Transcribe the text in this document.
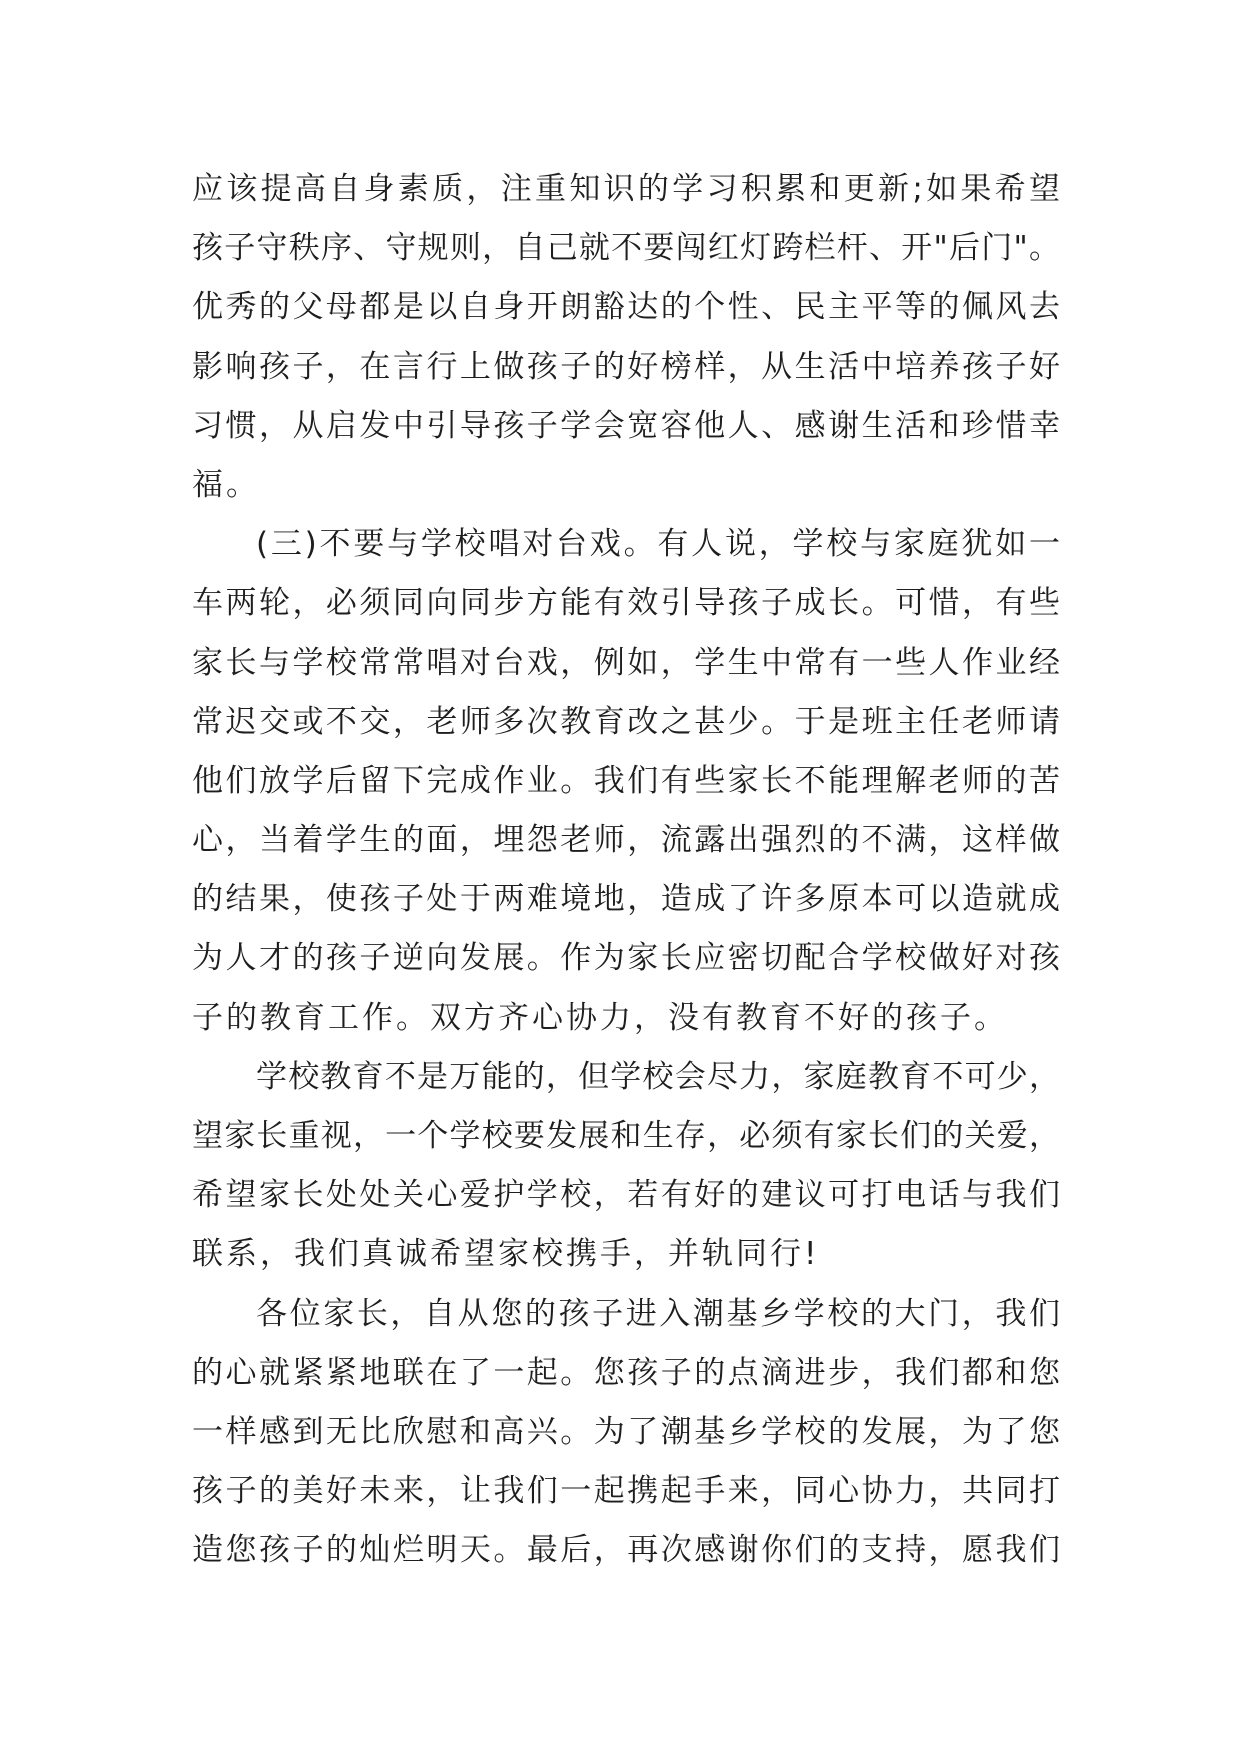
应该提高自身素质，注重知识的学习积累和更新;如果希望
孩子守秩序、守规则，自己就不要闯红灯跨栏杆、开"后门"。
优秀的父母都是以自身开朗豁达的个性、民主平等的佩风去
影响孩子，在言行上做孩子的好榜样，从生活中培养孩子好
习惯，从启发中引导孩子学会宽容他人、感谢生活和珍惜幸
福。
(三)不要与学校唱对台戏。有人说，学校与家庭犹如一
车两轮，必须同向同步方能有效引导孩子成长。可惜，有些
家长与学校常常唱对台戏，例如，学生中常有一些人作业经
常迟交或不交，老师多次教育改之甚少。于是班主任老师请
他们放学后留下完成作业。我们有些家长不能理解老师的苦
心，当着学生的面，埋怨老师，流露出强烈的不满，这样做
的结果，使孩子处于两难境地，造成了许多原本可以造就成
为人才的孩子逆向发展。作为家长应密切配合学校做好对孩
子的教育工作。双方齐心协力，没有教育不好的孩子。
学校教育不是万能的，但学校会尽力，家庭教育不可少，
望家长重视，一个学校要发展和生存，必须有家长们的关爱，
希望家长处处关心爱护学校，若有好的建议可打电话与我们
联系，我们真诚希望家校携手，并轨同行!
各位家长，自从您的孩子进入潮基乡学校的大门，我们
的心就紧紧地联在了一起。您孩子的点滴进步，我们都和您
一样感到无比欣慰和高兴。为了潮基乡学校的发展，为了您
孩子的美好未来，让我们一起携起手来，同心协力，共同打
造您孩子的灿烂明天。最后，再次感谢你们的支持，愿我们
